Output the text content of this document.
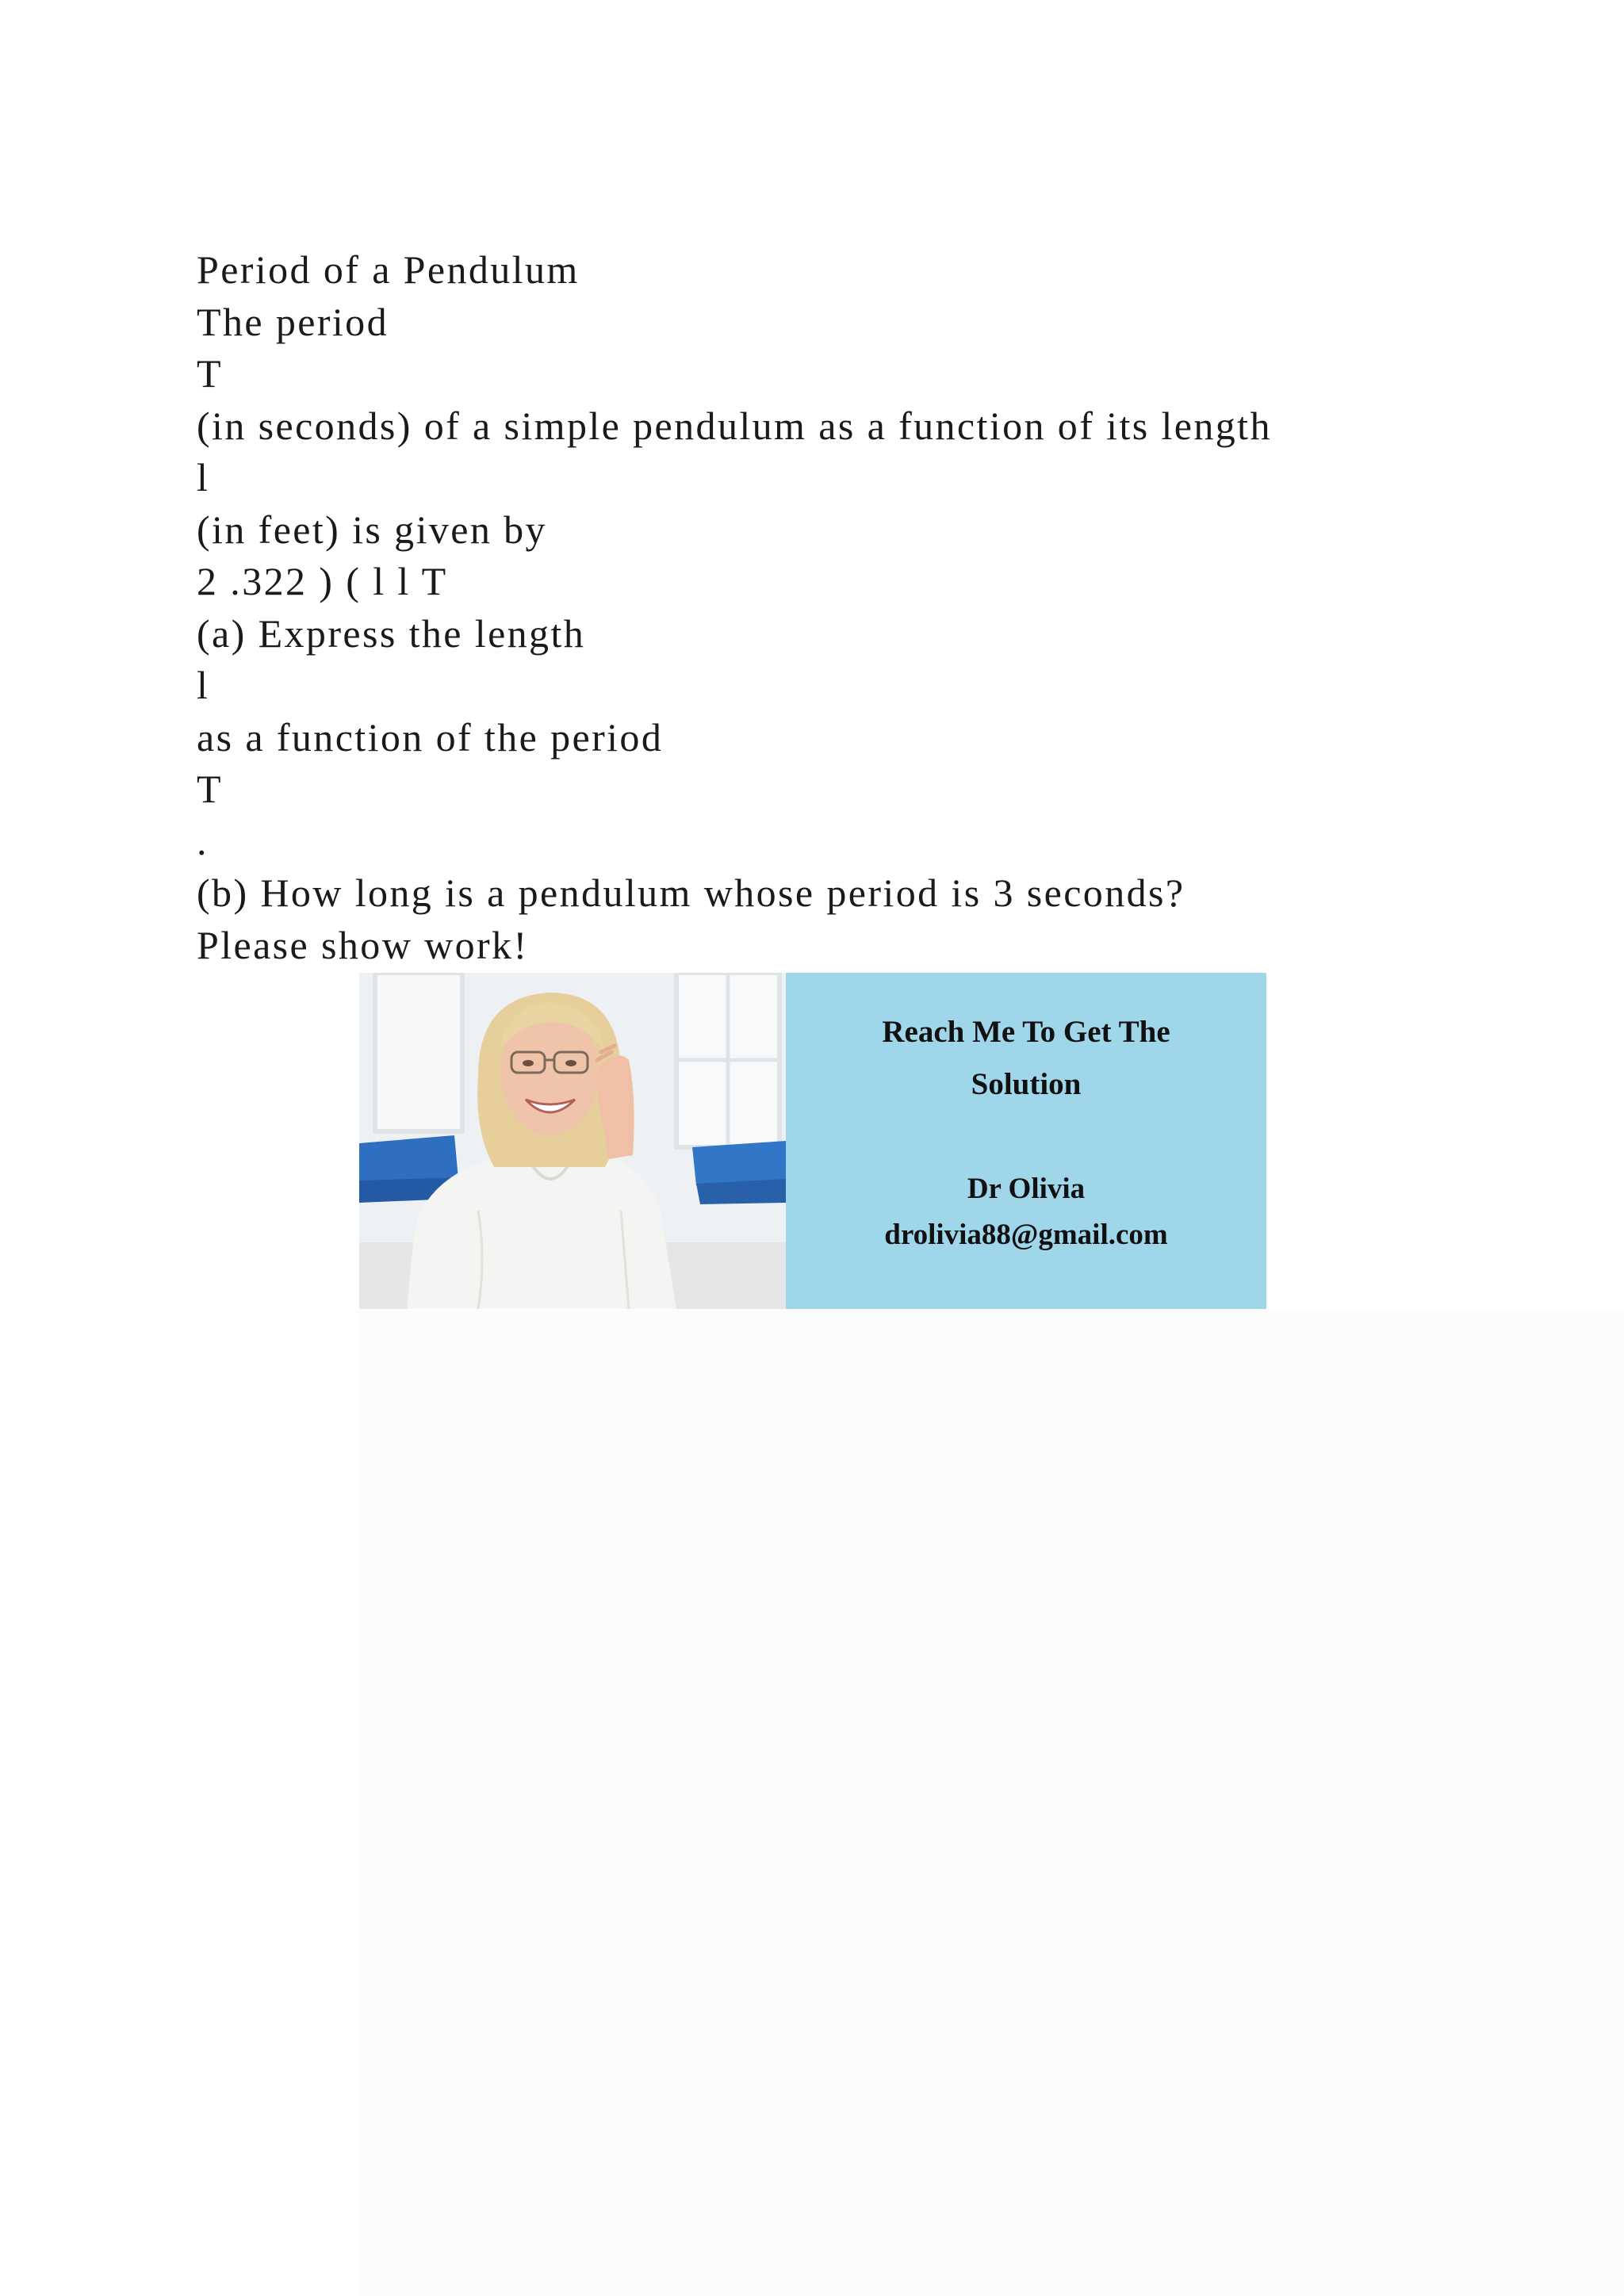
Period of a Pendulum
The period
T
(in seconds) of a simple pendulum as a function of its length
l
(in feet) is given by
2 .322 ) ( l l T
(a) Express the length
l
as a function of the period
T
.
(b) How long is a pendulum whose period is 3 seconds?
Please show work!
Reach Me To Get The
Solution
Dr Olivia
drolivia88@gmail.com
